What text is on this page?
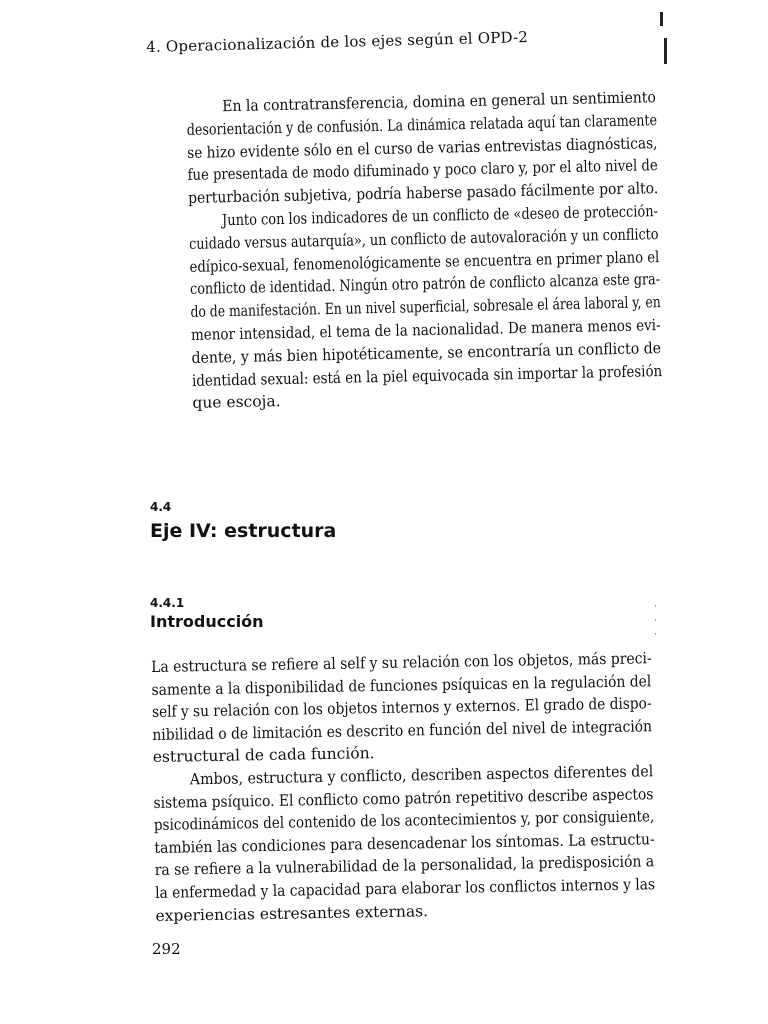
4. Operacionalización de los ejes según el OPD-2

En la contratransferencia, domina en general un sentimiento
desorientación y de confusión. La dinámica relatada aquí tan claramente
se hizo evidente sólo en el curso de varias entrevistas diagnósticas,
fue presentada de modo difuminado y poco claro y, por el alto nivel de
perturbación subjetiva, podría haberse pasado fácilmente por alto.

Junto con los indicadores de un conflicto de «deseo de protección-
cuidado versus autarquía», un conflicto de autovaloración y un conflicto
edípico-sexual, fenomenológicamente se encuentra en primer plano el
conflicto de identidad. Ningún otro patrón de conflicto alcanza este gra-
do de manifestación. En un nivel superficial, sobresale el área laboral y, en
menor intensidad, el tema de la nacionalidad. De manera menos evi-
dente, y más bien hipotéticamente, se encontraría un conflicto de
identidad sexual: está en la piel equivocada sin importar la profesión
que escoja.

4.4
Eje IV: estructura
4.4.1
Introducción
·
·
·

La estructura se refiere al self y su relación con los objetos, más preci-
samente a la disponibilidad de funciones psíquicas en la regulación del
self y su relación con los objetos internos y externos. El grado de dispo-
nibilidad o de limitación es descrito en función del nivel de integración
estructural de cada función.

Ambos, estructura y conflicto, describen aspectos diferentes del
sistema psíquico. El conflicto como patrón repetitivo describe aspectos
psicodinámicos del contenido de los acontecimientos y, por consiguiente,
también las condiciones para desencadenar los síntomas. La estructu-
ra se refiere a la vulnerabilidad de la personalidad, la predisposición a
la enfermedad y la capacidad para elaborar los conflictos internos y las
experiencias estresantes externas.

292
